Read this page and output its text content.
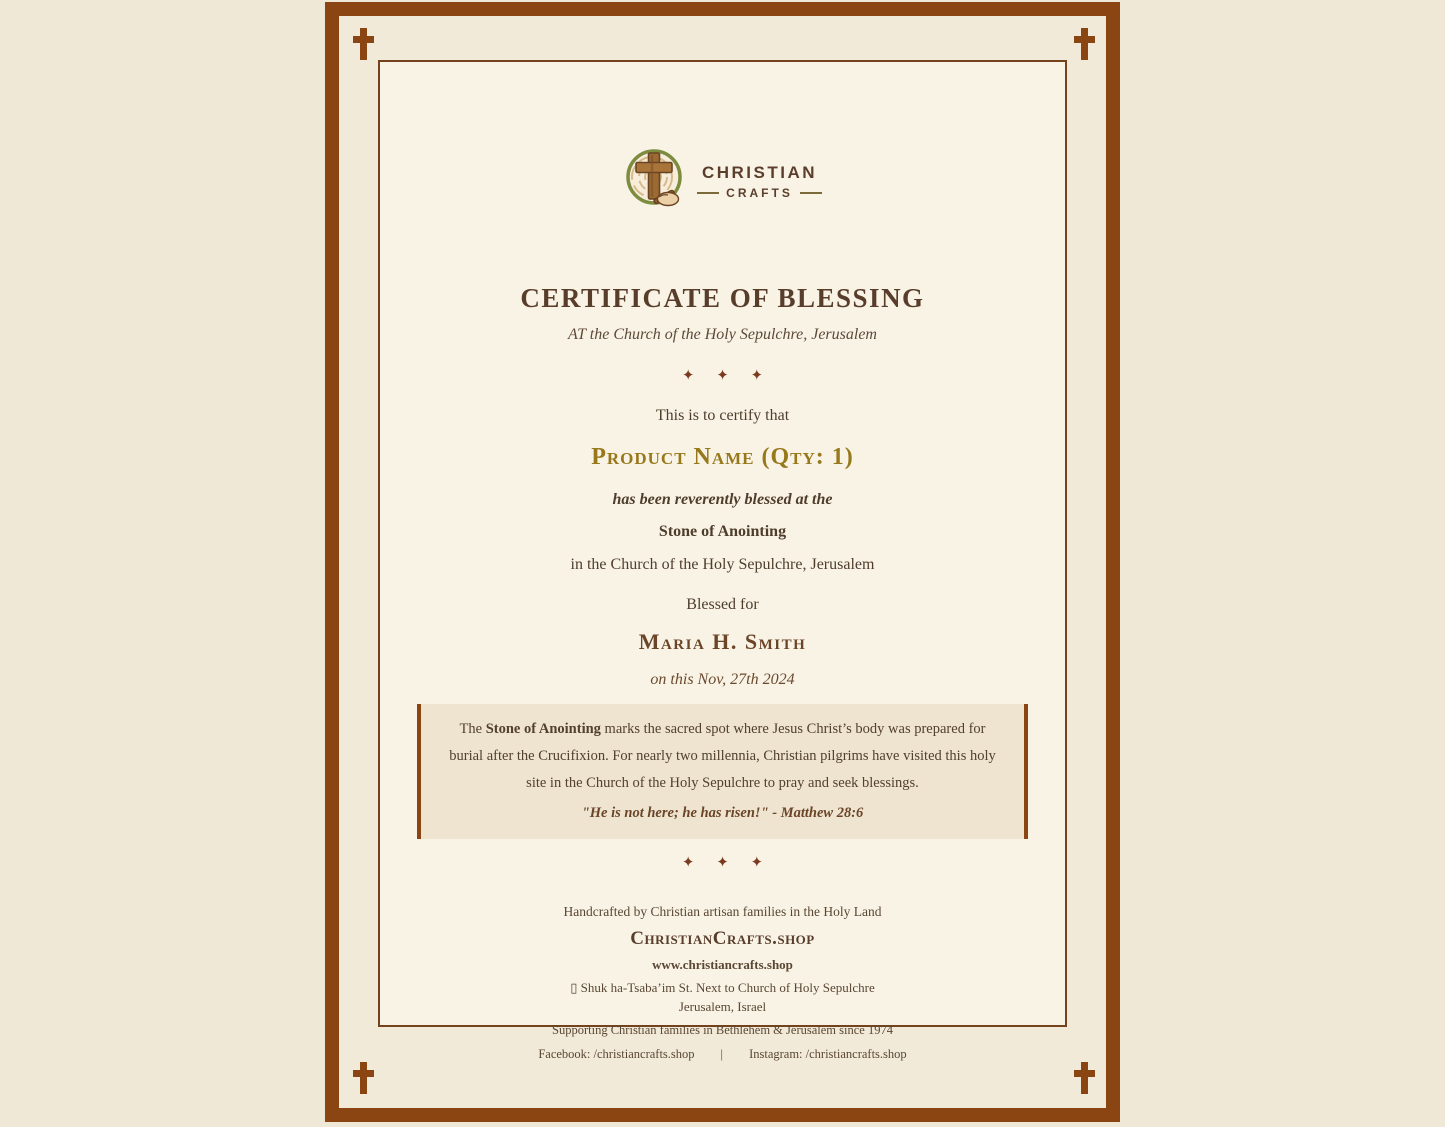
CHRISTIAN
CRAFTS
CERTIFICATE OF BLESSING
AT the Church of the Holy Sepulchre, Jerusalem
✦ ✦ ✦
This is to certify that
Product Name (Qty: 1)
has been reverently blessed at the
Stone of Anointing
in the Church of the Holy Sepulchre, Jerusalem
Blessed for
Maria H. Smith
on this Nov, 27th 2024
The Stone of Anointing marks the sacred spot where Jesus Christ’s body was prepared for burial after the Crucifixion. For nearly two millennia, Christian pilgrims have visited this holy site in the Church of the Holy Sepulchre to pray and seek blessings.
"He is not here; he has risen!" - Matthew 28:6
✦ ✦ ✦
Handcrafted by Christian artisan families in the Holy Land
ChristianCrafts.shop
www.christiancrafts.shop
▯ Shuk ha-Tsaba’im St. Next to Church of Holy Sepulchre
Jerusalem, Israel
Supporting Christian families in Bethlehem & Jerusalem since 1974
Facebook: /christiancrafts.shop | Instagram: /christiancrafts.shop
